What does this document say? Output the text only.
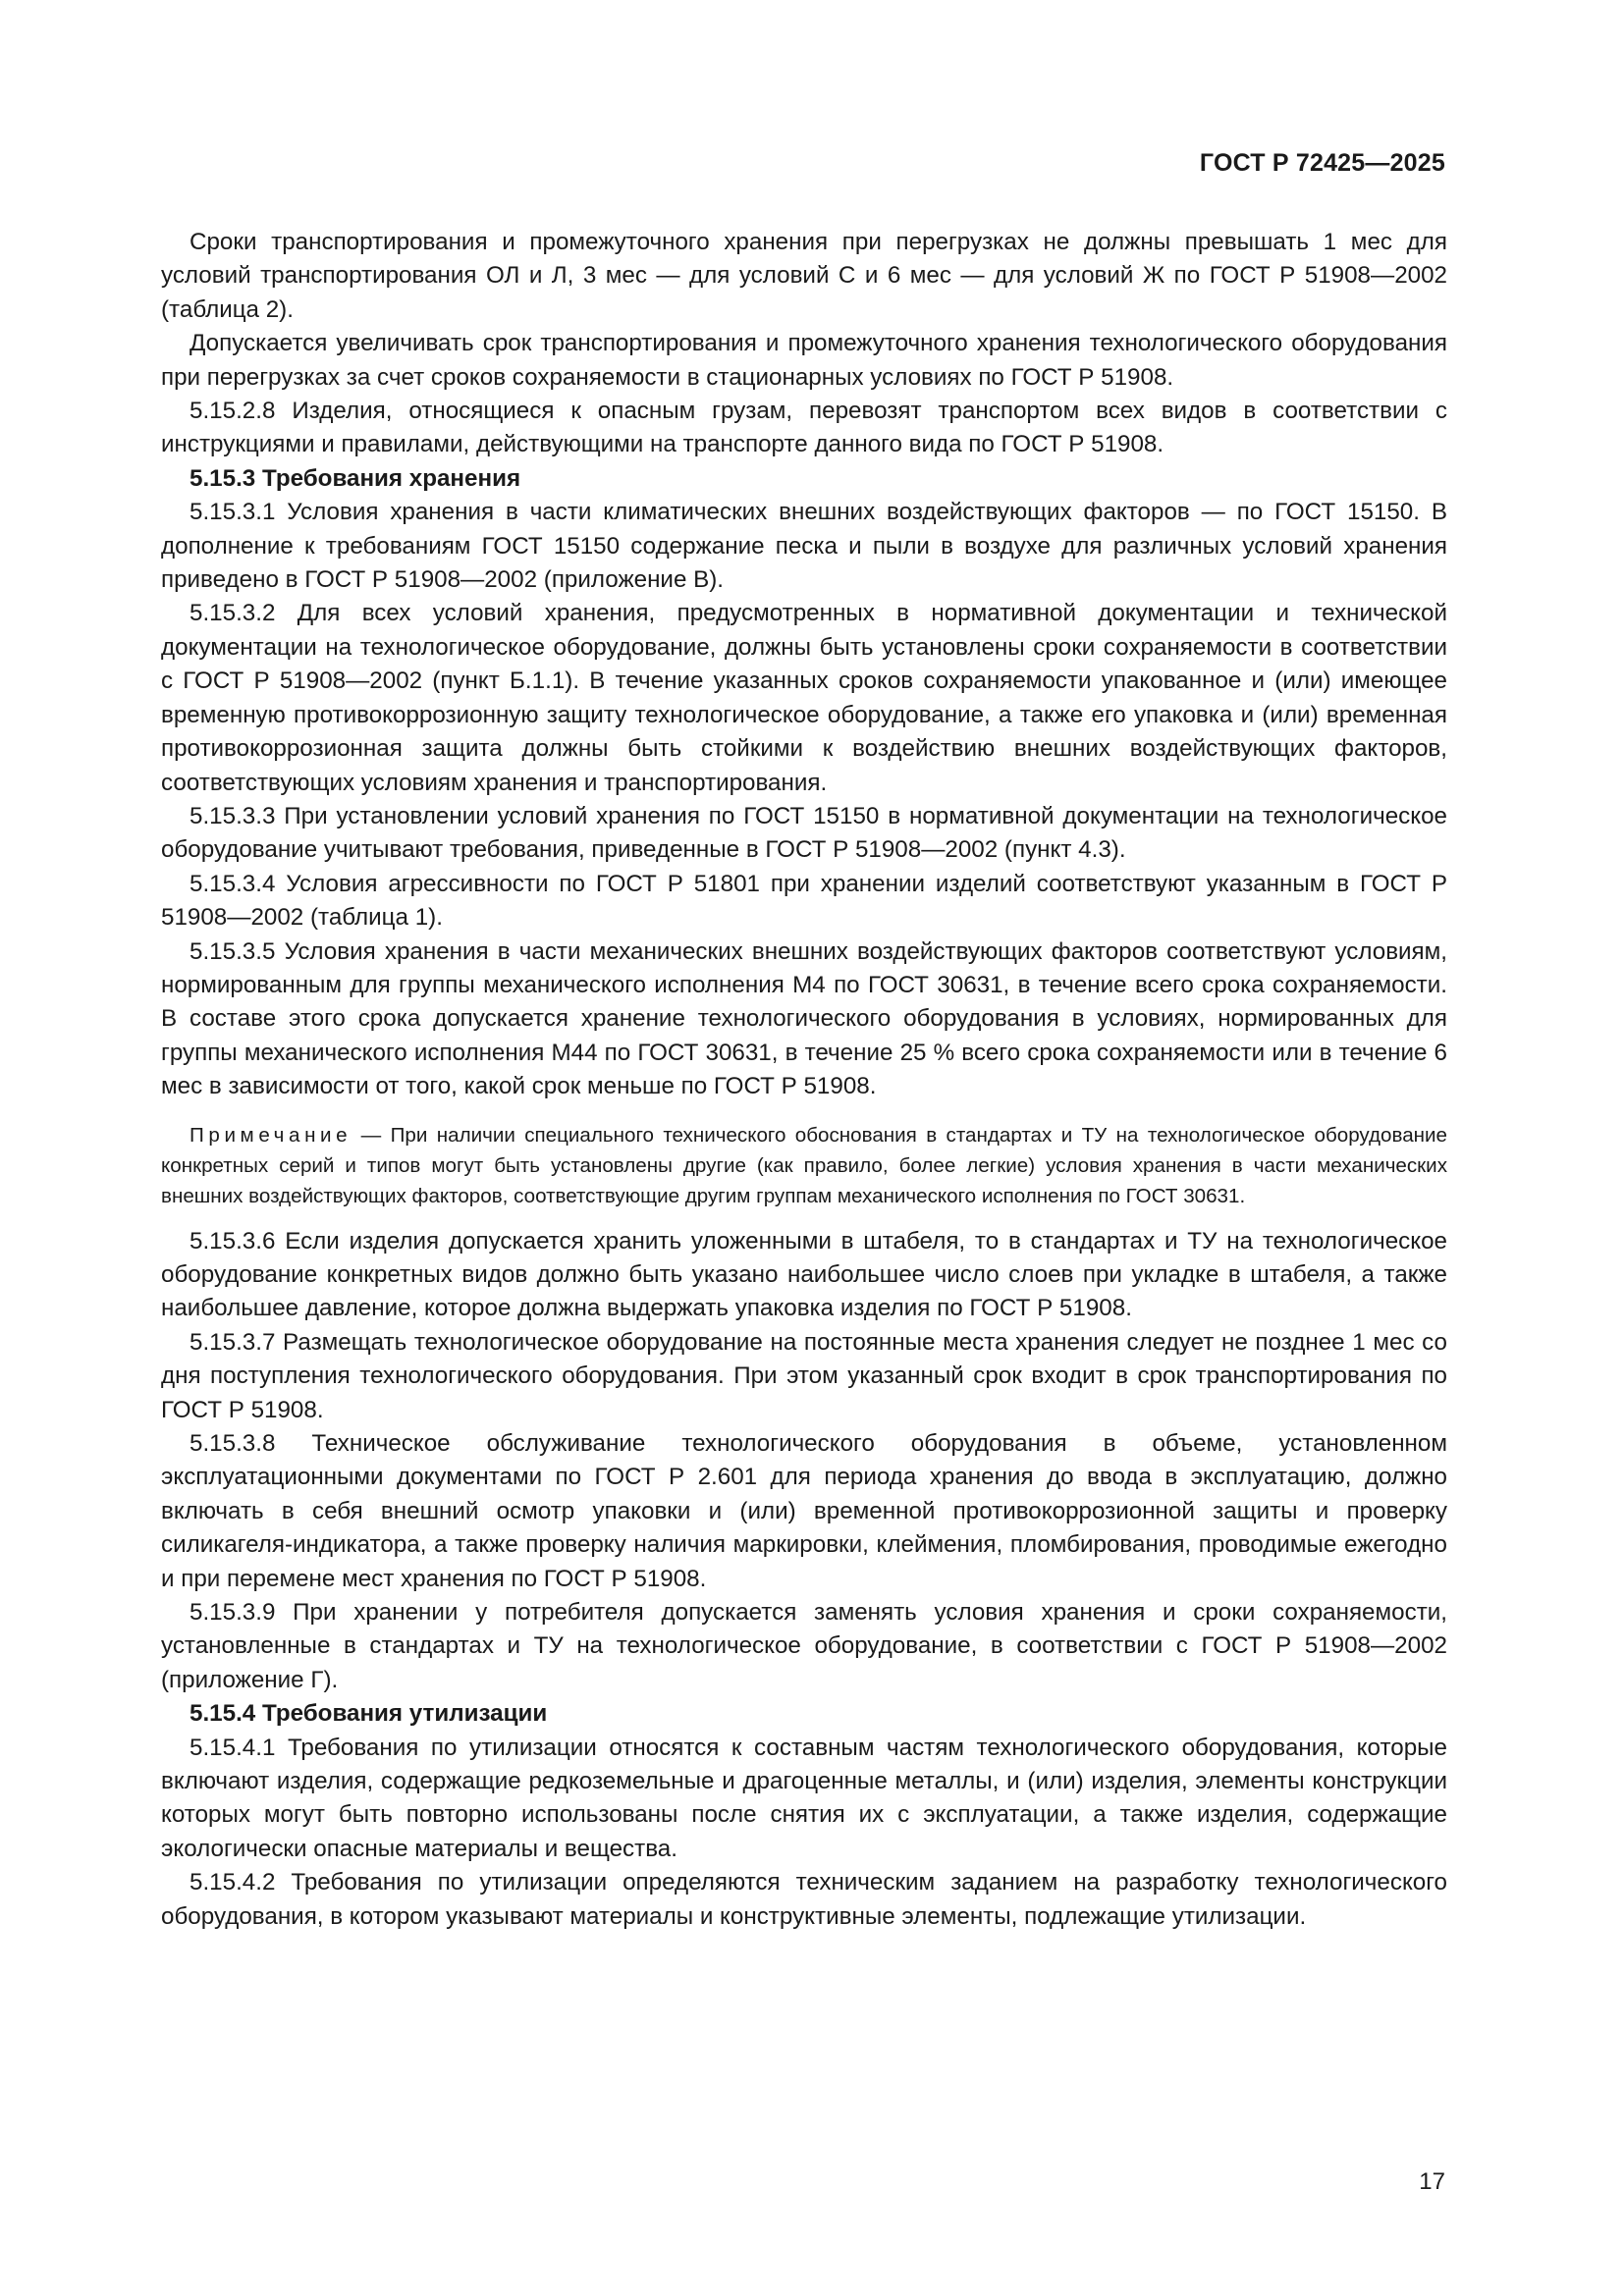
ГОСТ Р 72425—2025

Сроки транспортирования и промежуточного хранения при перегрузках не должны превышать 1 мес для условий транспортирования ОЛ и Л, 3 мес — для условий С и 6 мес — для условий Ж по ГОСТ Р 51908—2002 (таблица 2).

Допускается увеличивать срок транспортирования и промежуточного хранения технологического оборудования при перегрузках за счет сроков сохраняемости в стационарных условиях по ГОСТ Р 51908.

5.15.2.8 Изделия, относящиеся к опасным грузам, перевозят транспортом всех видов в соответствии с инструкциями и правилами, действующими на транспорте данного вида по ГОСТ Р 51908.

5.15.3 Требования хранения

5.15.3.1 Условия хранения в части климатических внешних воздействующих факторов — по ГОСТ 15150. В дополнение к требованиям ГОСТ 15150 содержание песка и пыли в воздухе для различных условий хранения приведено в ГОСТ Р 51908—2002 (приложение В).

5.15.3.2 Для всех условий хранения, предусмотренных в нормативной документации и технической документации на технологическое оборудование, должны быть установлены сроки сохраняемости в соответствии с ГОСТ Р 51908—2002 (пункт Б.1.1). В течение указанных сроков сохраняемости упакованное и (или) имеющее временную противокоррозионную защиту технологическое оборудование, а также его упаковка и (или) временная противокоррозионная защита должны быть стойкими к воздействию внешних воздействующих факторов, соответствующих условиям хранения и транспортирования.

5.15.3.3 При установлении условий хранения по ГОСТ 15150 в нормативной документации на технологическое оборудование учитывают требования, приведенные в ГОСТ Р 51908—2002 (пункт 4.3).

5.15.3.4 Условия агрессивности по ГОСТ Р 51801 при хранении изделий соответствуют указанным в ГОСТ Р 51908—2002 (таблица 1).

5.15.3.5 Условия хранения в части механических внешних воздействующих факторов соответствуют условиям, нормированным для группы механического исполнения М4 по ГОСТ 30631, в течение всего срока сохраняемости. В составе этого срока допускается хранение технологического оборудования в условиях, нормированных для группы механического исполнения М44 по ГОСТ 30631, в течение 25 % всего срока сохраняемости или в течение 6 мес в зависимости от того, какой срок меньше по ГОСТ Р 51908.

Примечание — При наличии специального технического обоснования в стандартах и ТУ на технологическое оборудование конкретных серий и типов могут быть установлены другие (как правило, более легкие) условия хранения в части механических внешних воздействующих факторов, соответствующие другим группам механического исполнения по ГОСТ 30631.

5.15.3.6 Если изделия допускается хранить уложенными в штабеля, то в стандартах и ТУ на технологическое оборудование конкретных видов должно быть указано наибольшее число слоев при укладке в штабеля, а также наибольшее давление, которое должна выдержать упаковка изделия по ГОСТ Р 51908.

5.15.3.7 Размещать технологическое оборудование на постоянные места хранения следует не позднее 1 мес со дня поступления технологического оборудования. При этом указанный срок входит в срок транспортирования по ГОСТ Р 51908.

5.15.3.8 Техническое обслуживание технологического оборудования в объеме, установленном эксплуатационными документами по ГОСТ Р 2.601 для периода хранения до ввода в эксплуатацию, должно включать в себя внешний осмотр упаковки и (или) временной противокоррозионной защиты и проверку силикагеля-индикатора, а также проверку наличия маркировки, клеймения, пломбирования, проводимые ежегодно и при перемене мест хранения по ГОСТ Р 51908.

5.15.3.9 При хранении у потребителя допускается заменять условия хранения и сроки сохраняемости, установленные в стандартах и ТУ на технологическое оборудование, в соответствии с ГОСТ Р 51908—2002 (приложение Г).

5.15.4 Требования утилизации

5.15.4.1 Требования по утилизации относятся к составным частям технологического оборудования, которые включают изделия, содержащие редкоземельные и драгоценные металлы, и (или) изделия, элементы конструкции которых могут быть повторно использованы после снятия их с эксплуатации, а также изделия, содержащие экологически опасные материалы и вещества.

5.15.4.2 Требования по утилизации определяются техническим заданием на разработку технологического оборудования, в котором указывают материалы и конструктивные элементы, подлежащие утилизации.

17
